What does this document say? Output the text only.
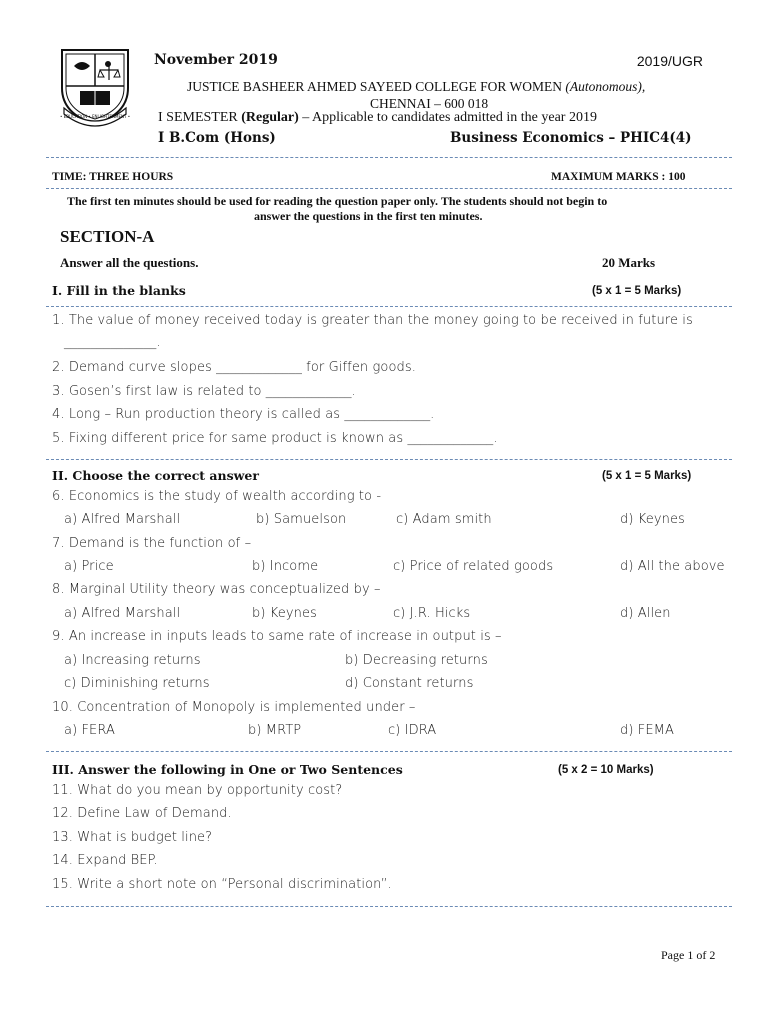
• EDUCATION • ENLIGHTENMENT •
November 2019	2019/UGR
JUSTICE BASHEER AHMED SAYEED COLLEGE FOR WOMEN (Autonomous),
CHENNAI – 600 018
I SEMESTER (Regular) – Applicable to candidates admitted in the year 2019
I B.Com (Hons)	Business Economics – PHIC4(4)
TIME: THREE HOURS	MAXIMUM MARKS : 100
The first ten minutes should be used for reading the question paper only. The students should not begin to
answer the questions in the first ten minutes.
SECTION-A
Answer all the questions.	20 Marks
I. Fill in the blanks	(5 x 1 = 5 Marks)
1. The value of money received today is greater than the money going to be received in future is
______________.
2. Demand curve slopes _____________ for Giffen goods.
3. Gosen’s first law is related to _____________.
4. Long – Run production theory is called as _____________.
5. Fixing different price for same product is known as _____________.
II. Choose the correct answer	(5 x 1 = 5 Marks)
6. Economics is the study of wealth according to -
a) Alfred Marshall	b) Samuelson	c) Adam smith	d) Keynes
7. Demand is the function of –
a) Price	b) Income	c) Price of related goods	d) All the above
8. Marginal Utility theory was conceptualized by –
a) Alfred Marshall	b) Keynes	c) J.R. Hicks	d) Allen
9. An increase in inputs leads to same rate of increase in output is –
a) Increasing returns	b) Decreasing returns
c) Diminishing returns	d) Constant returns
10. Concentration of Monopoly is implemented under –
a) FERA	b) MRTP	c) IDRA	d) FEMA
III. Answer the following in One or Two Sentences	(5 x 2 = 10 Marks)
11. What do you mean by opportunity cost?
12. Define Law of Demand.
13. What is budget line?
14. Expand BEP.
15. Write a short note on “Personal discrimination”.
Page 1 of 2
